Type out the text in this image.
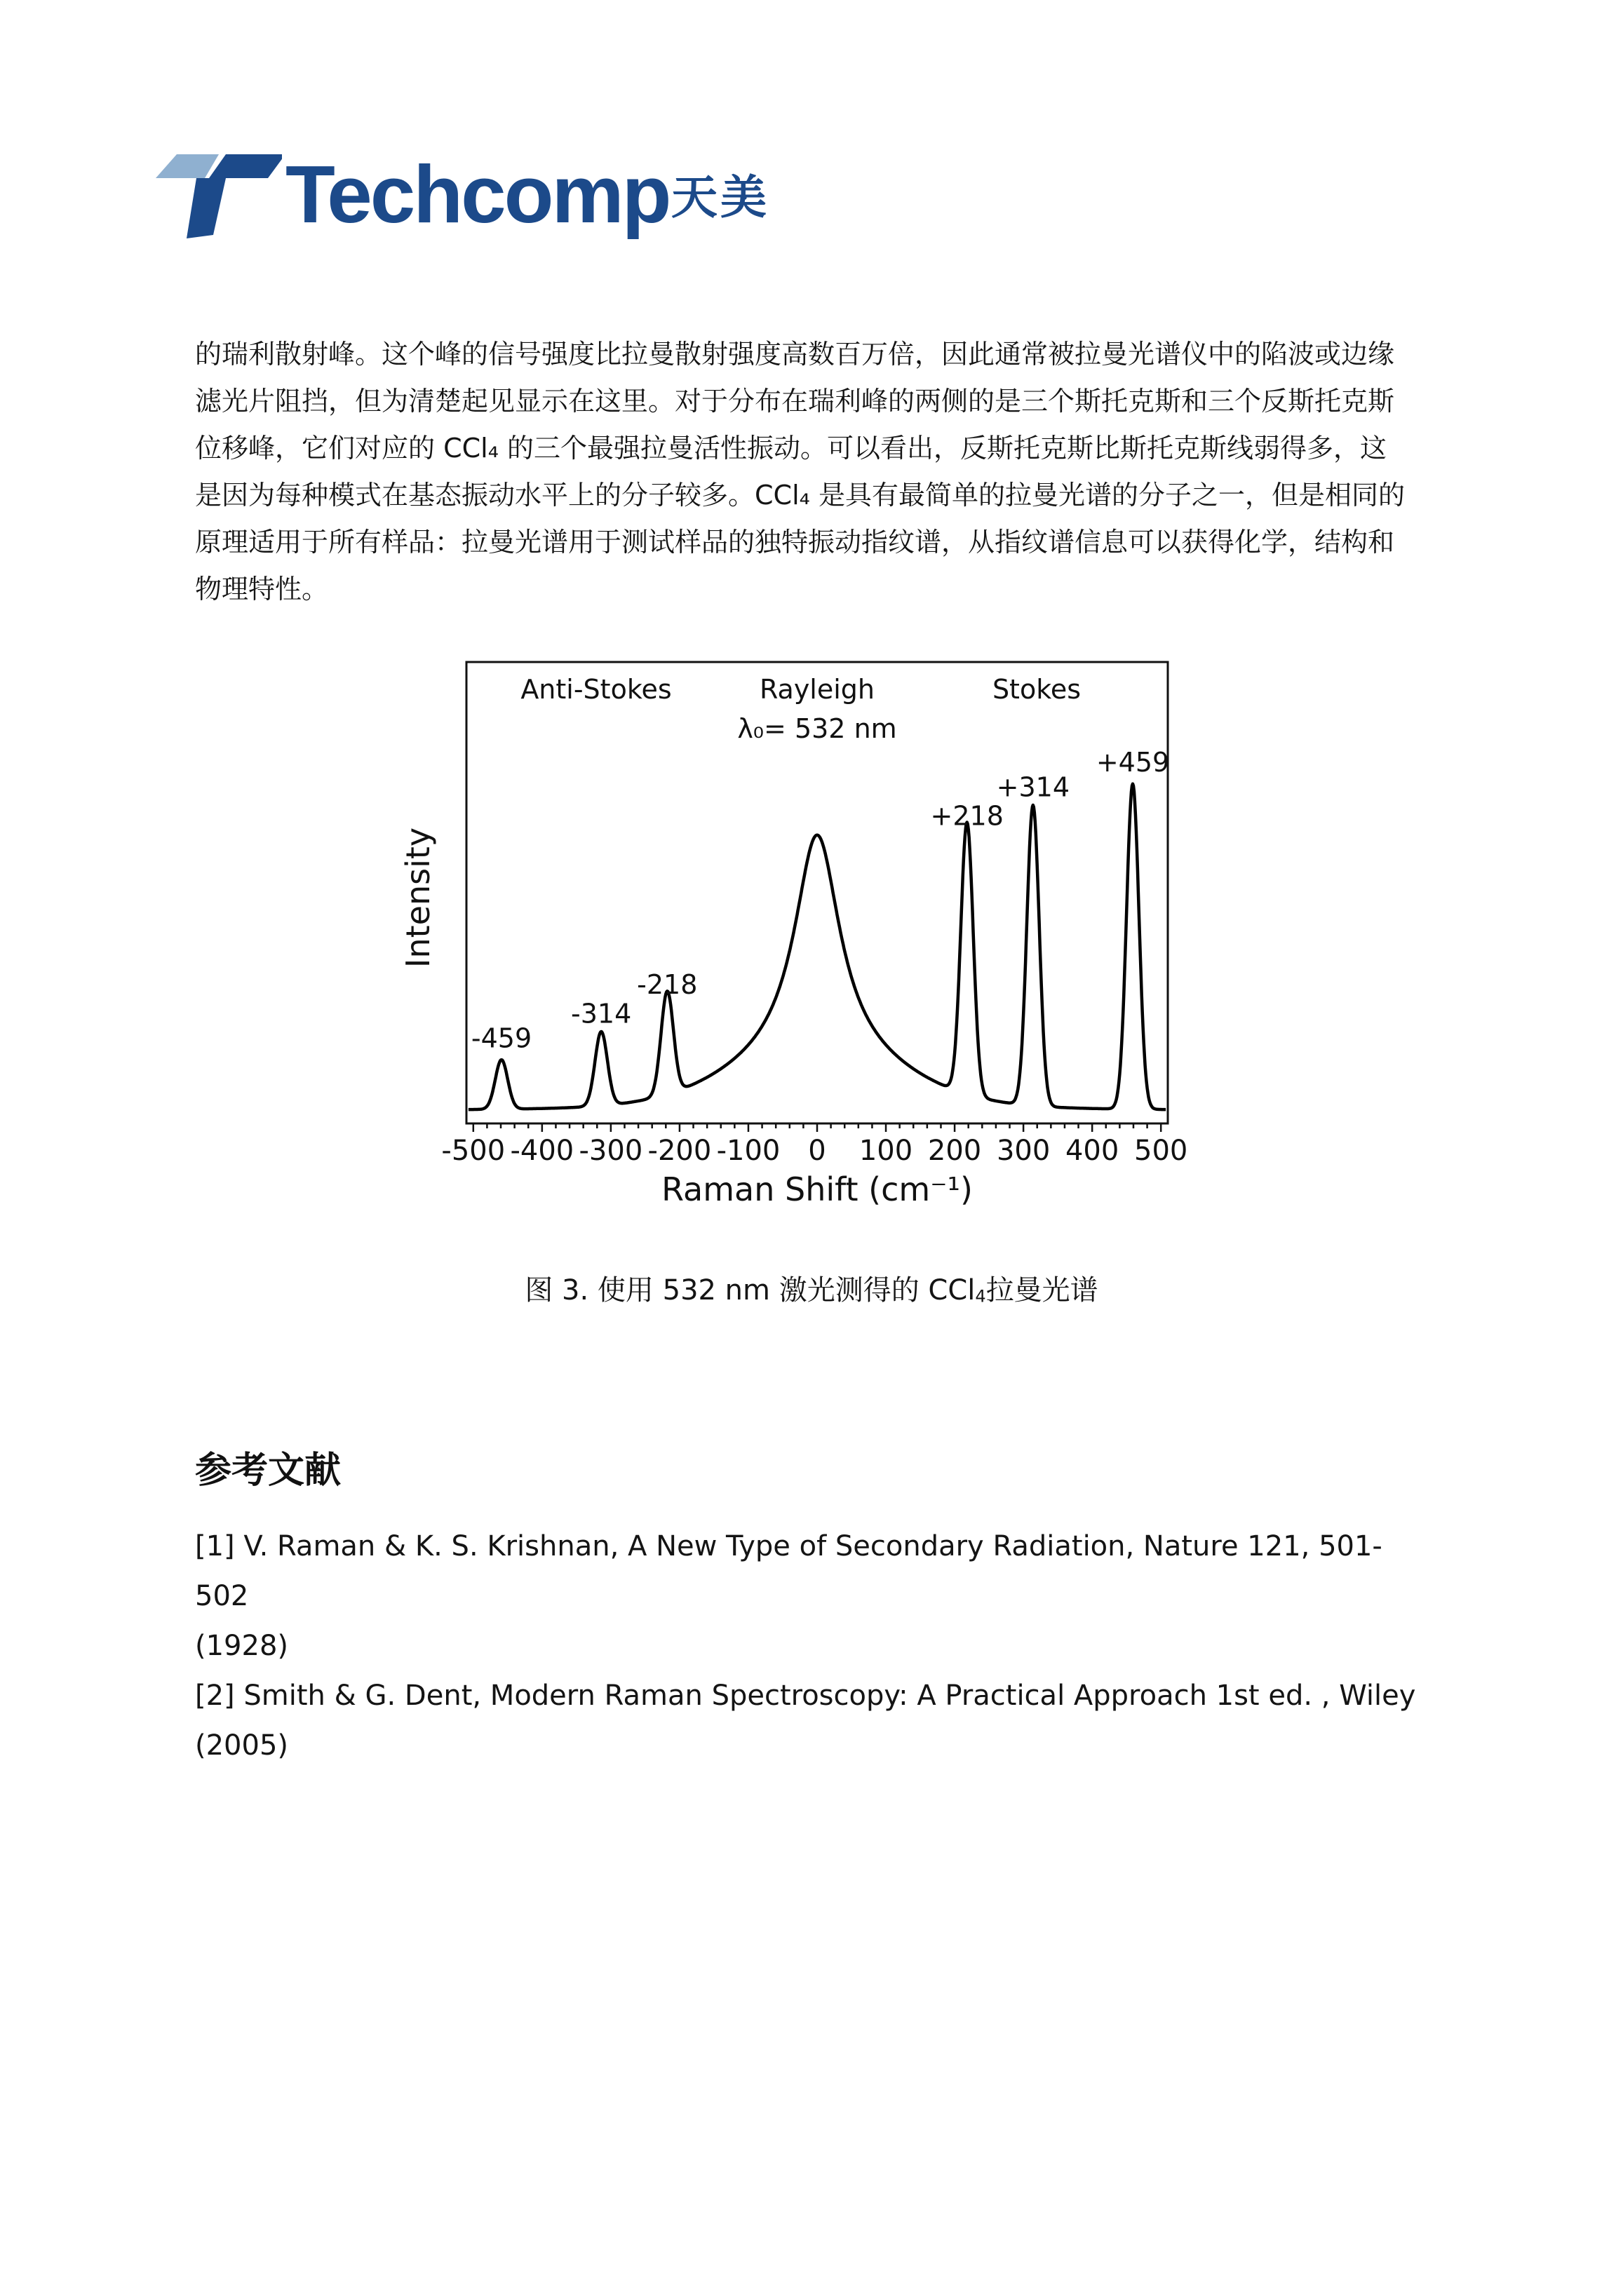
Techcomp 天美

的瑞利散射峰。这个峰的信号强度比拉曼散射强度高数百万倍，因此通常被拉曼光谱仪中的陷波或边缘

滤光片阻挡，但为清楚起见显示在这里。对于分布在瑞利峰的两侧的是三个斯托克斯和三个反斯托克斯

位移峰，它们对应的 CCl₄ 的三个最强拉曼活性振动。可以看出，反斯托克斯比斯托克斯线弱得多，这

是因为每种模式在基态振动水平上的分子较多。CCl₄ 是具有最简单的拉曼光谱的分子之一，但是相同的

原理适用于所有样品：拉曼光谱用于测试样品的独特振动指纹谱，从指纹谱信息可以获得化学，结构和

物理特性。

-500 -400 -300 -200 -100 0 100 200 300 400 500
-459
-314
-218
+218
+314
+459
Anti-Stokes	Rayleigh	Stokes
λ₀= 532 nm
Intensity
Raman Shift (cm⁻¹)
图 3. 使用 532 nm 激光测得的 CCl$_4$拉曼光谱
参考文献

[1] V. Raman & K. S. Krishnan, A New Type of Secondary Radiation, Nature 121, 501- 502

(1928)

[2] Smith & G. Dent, Modern Raman Spectroscopy: A Practical Approach 1st ed. , Wiley

(2005)
